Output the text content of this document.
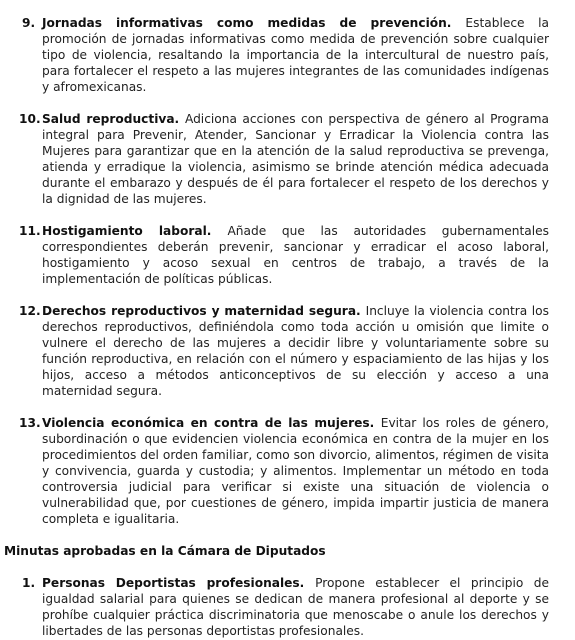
9. Jornadas informativas como medidas de prevención. Establece la promoción de jornadas informativas como medida de prevención sobre cualquier tipo de violencia, resaltando la importancia de la intercultural de nuestro país, para fortalecer el respeto a las mujeres integrantes de las comunidades indígenas y afromexicanas.
10. Salud reproductiva. Adiciona acciones con perspectiva de género al Programa integral para Prevenir, Atender, Sancionar y Erradicar la Violencia contra las Mujeres para garantizar que en la atención de la salud reproductiva se prevenga, atienda y erradique la violencia, asimismo se brinde atención médica adecuada durante el embarazo y después de él para fortalecer el respeto de los derechos y la dignidad de las mujeres.
11. Hostigamiento laboral. Añade que las autoridades gubernamentales correspondientes deberán prevenir, sancionar y erradicar el acoso laboral, hostigamiento y acoso sexual en centros de trabajo, a través de la implementación de políticas públicas.
12. Derechos reproductivos y maternidad segura. Incluye la violencia contra los derechos reproductivos, definiéndola como toda acción u omisión que limite o vulnere el derecho de las mujeres a decidir libre y voluntariamente sobre su función reproductiva, en relación con el número y espaciamiento de las hijas y los hijos, acceso a métodos anticonceptivos de su elección y acceso a una maternidad segura.
13. Violencia económica en contra de las mujeres. Evitar los roles de género, subordinación o que evidencien violencia económica en contra de la mujer en los procedimientos del orden familiar, como son divorcio, alimentos, régimen de visita y convivencia, guarda y custodia; y alimentos. Implementar un método en toda controversia judicial para verificar si existe una situación de violencia o vulnerabilidad que, por cuestiones de género, impida impartir justicia de manera completa e igualitaria.
Minutas aprobadas en la Cámara de Diputados
1. Personas Deportistas profesionales. Propone establecer el principio de igualdad salarial para quienes se dedican de manera profesional al deporte y se prohíbe cualquier práctica discriminatoria que menoscabe o anule los derechos y libertades de las personas deportistas profesionales.
